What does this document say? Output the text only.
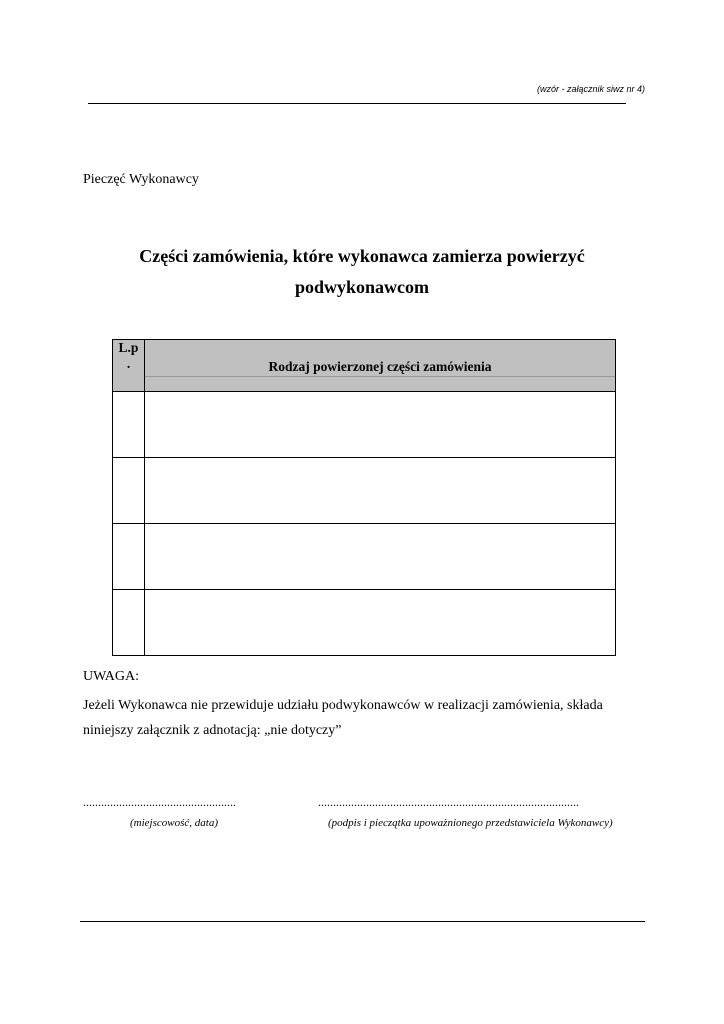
(wzór - załącznik siwz nr 4)
Pieczęć Wykonawcy
Części zamówienia, które wykonawca zamierza powierzyć
podwykonawcom
L.p
.	Rodzaj powierzonej części zamówienia

UWAGA:
Jeżeli Wykonawca nie przewiduje udziału podwykonawców w realizacji zamówienia, składa niniejszy załącznik z adnotacją: „nie dotyczy”
...................................................	.......................................................................................
(miejscowość, data)	(podpis i pieczątka upoważnionego przedstawiciela Wykonawcy)
